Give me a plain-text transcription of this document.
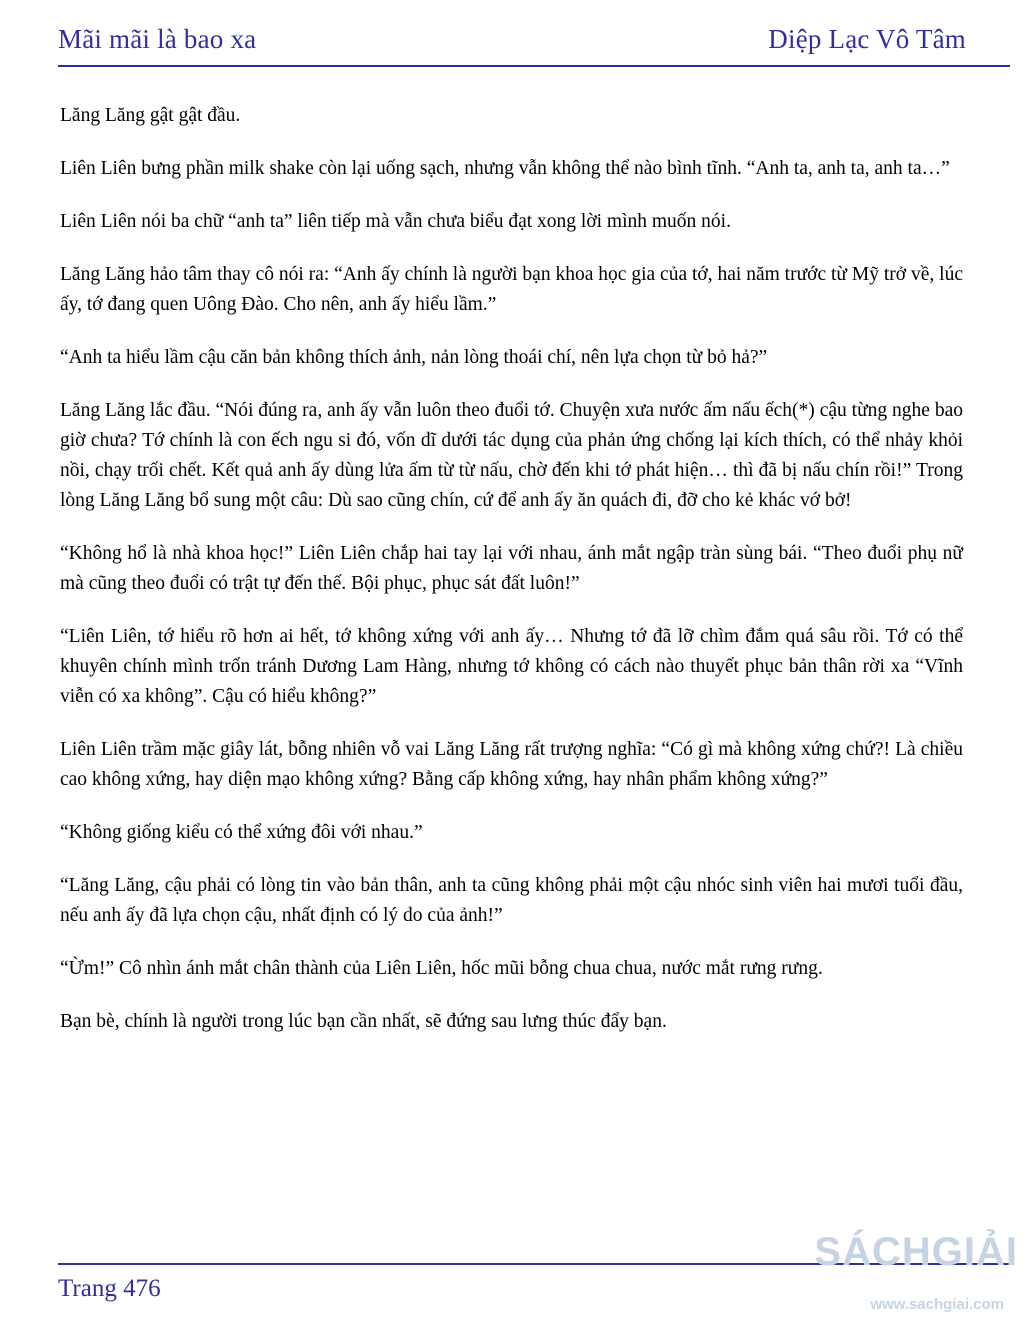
Mãi mãi là bao xa	Diệp Lạc Vô Tâm

Lăng Lăng gật gật đầu.

Liên Liên bưng phần milk shake còn lại uống sạch, nhưng vẫn không thể nào bình tĩnh. “Anh ta, anh ta, anh ta…”

Liên Liên nói ba chữ “anh ta” liên tiếp mà vẫn chưa biểu đạt xong lời mình muốn nói.

Lăng Lăng hảo tâm thay cô nói ra: “Anh ấy chính là người bạn khoa học gia của tớ, hai năm trước từ Mỹ trở về, lúc ấy, tớ đang quen Uông Đào. Cho nên, anh ấy hiểu lầm.”

“Anh ta hiểu lầm cậu căn bản không thích ảnh, nản lòng thoái chí, nên lựa chọn từ bỏ hả?”

Lăng Lăng lắc đầu. “Nói đúng ra, anh ấy vẫn luôn theo đuổi tớ. Chuyện xưa nước ấm nấu ếch(*) cậu từng nghe bao giờ chưa? Tớ chính là con ếch ngu si đó, vốn dĩ dưới tác dụng của phản ứng chống lại kích thích, có thể nhảy khỏi nồi, chạy trối chết. Kết quả anh ấy dùng lửa ấm từ từ nấu, chờ đến khi tớ phát hiện… thì đã bị nấu chín rồi!” Trong lòng Lăng Lăng bổ sung một câu: Dù sao cũng chín, cứ để anh ấy ăn quách đi, đỡ cho kẻ khác vớ bở!

“Không hổ là nhà khoa học!” Liên Liên chắp hai tay lại với nhau, ánh mắt ngập tràn sùng bái. “Theo đuổi phụ nữ mà cũng theo đuổi có trật tự đến thế. Bội phục, phục sát đất luôn!”

“Liên Liên, tớ hiểu rõ hơn ai hết, tớ không xứng với anh ấy… Nhưng tớ đã lỡ chìm đắm quá sâu rồi. Tớ có thể khuyên chính mình trốn tránh Dương Lam Hàng, nhưng tớ không có cách nào thuyết phục bản thân rời xa “Vĩnh viễn có xa không”. Cậu có hiểu không?”

Liên Liên trầm mặc giây lát, bỗng nhiên vỗ vai Lăng Lăng rất trượng nghĩa: “Có gì mà không xứng chứ?! Là chiều cao không xứng, hay diện mạo không xứng? Bằng cấp không xứng, hay nhân phẩm không xứng?”

“Không giống kiểu có thể xứng đôi với nhau.”

“Lăng Lăng, cậu phải có lòng tin vào bản thân, anh ta cũng không phải một cậu nhóc sinh viên hai mươi tuổi đầu, nếu anh ấy đã lựa chọn cậu, nhất định có lý do của ảnh!”

“Ừm!” Cô nhìn ánh mắt chân thành của Liên Liên, hốc mũi bỗng chua chua, nước mắt rưng rưng.

Bạn bè, chính là người trong lúc bạn cần nhất, sẽ đứng sau lưng thúc đẩy bạn.

Trang 476
SÁCHGIẢI
www.sachgiai.com
